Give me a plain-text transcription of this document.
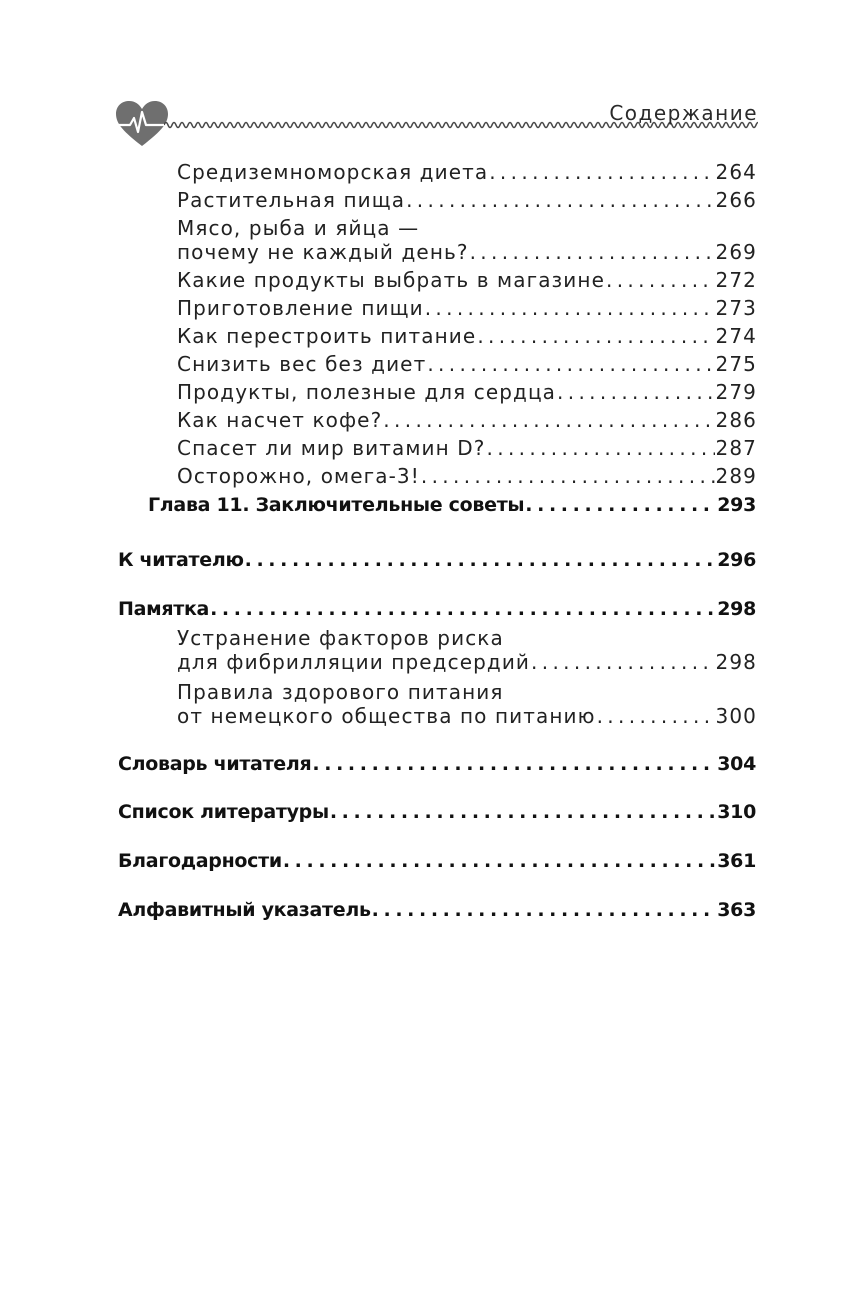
Содержание
Средиземноморская диета . . .	264
Растительная пища . . .	266
Мясо, рыба и яйца —
почему не каждый день? . . .	269
Какие продукты выбрать в магазине . . .	272
Приготовление пищи . . .	273
Как перестроить питание . . .	274
Снизить вес без диет . . .	275
Продукты, полезные для сердца . . .	279
Как насчет кофе? . . .	286
Спасет ли мир витамин D? . . .	287
Осторожно, омега-3! . . .	289
Глава 11. Заключительные советы . . .	293
К читателю . . .	296
Памятка . . .	298
Устранение факторов риска
для фибрилляции предсердий . . .	298
Правила здорового питания
от немецкого общества по питанию . . .	300
Словарь читателя . . .	304
Список литературы . . .	310
Благодарности . . .	361
Алфавитный указатель . . .	363
